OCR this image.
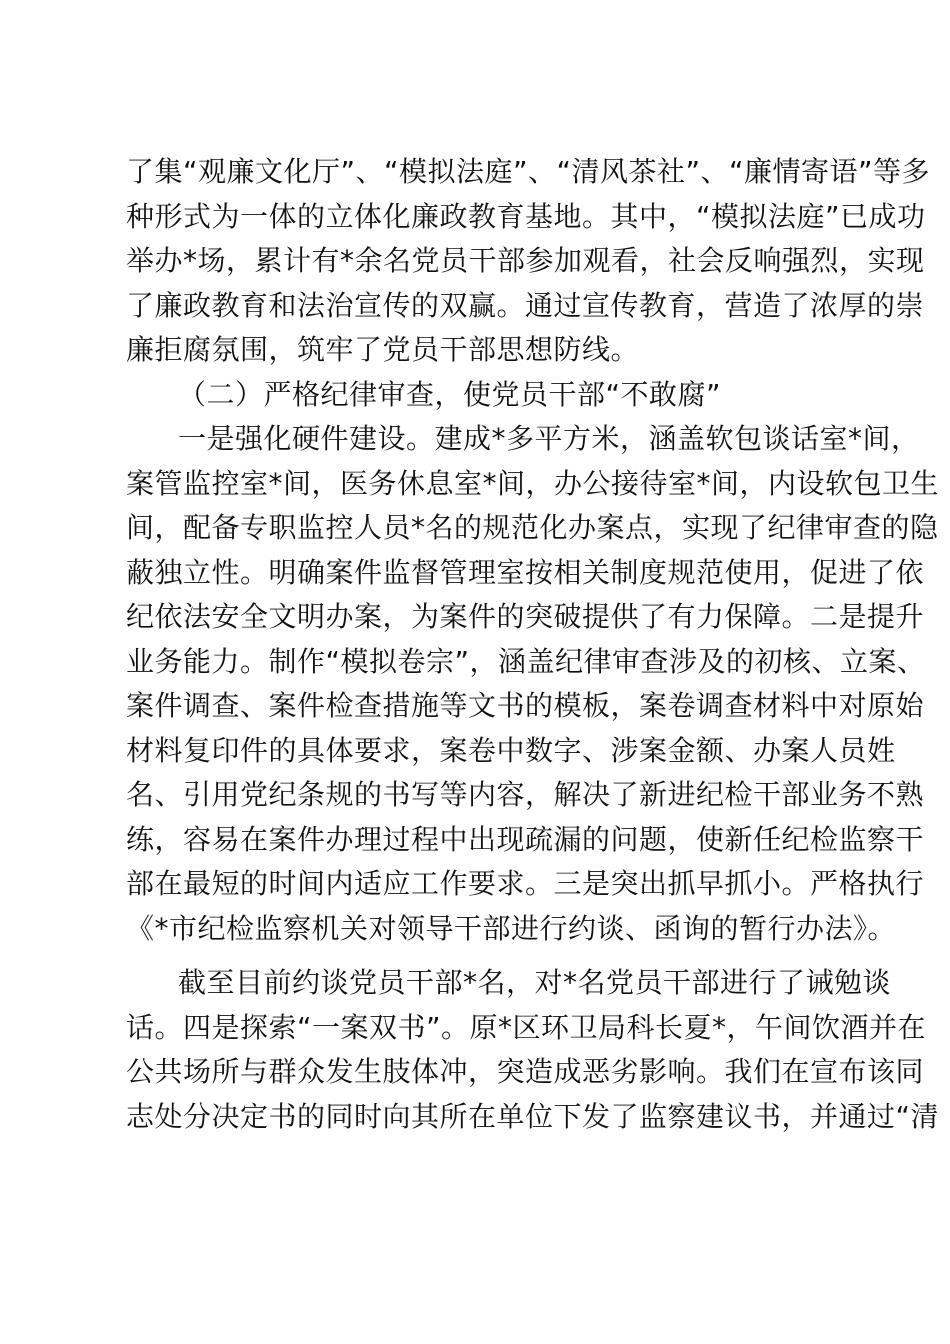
了集“观廉文化厅”、“模拟法庭”、“清风茶社”、“廉情寄语”等多
种形式为一体的立体化廉政教育基地。其中，“模拟法庭”已成功
举办*场，累计有*余名党员干部参加观看，社会反响强烈，实现
了廉政教育和法治宣传的双赢。通过宣传教育，营造了浓厚的崇
廉拒腐氛围，筑牢了党员干部思想防线。
（二）严格纪律审查，使党员干部“不敢腐”
一是强化硬件建设。建成*多平方米，涵盖软包谈话室*间，
案管监控室*间，医务休息室*间，办公接待室*间，内设软包卫生
间，配备专职监控人员*名的规范化办案点，实现了纪律审查的隐
蔽独立性。明确案件监督管理室按相关制度规范使用，促进了依
纪依法安全文明办案，为案件的突破提供了有力保障。二是提升
业务能力。制作“模拟卷宗”，涵盖纪律审查涉及的初核、立案、
案件调查、案件检查措施等文书的模板，案卷调查材料中对原始
材料复印件的具体要求，案卷中数字、涉案金额、办案人员姓
名、引用党纪条规的书写等内容，解决了新进纪检干部业务不熟
练，容易在案件办理过程中出现疏漏的问题，使新任纪检监察干
部在最短的时间内适应工作要求。三是突出抓早抓小。严格执行
《*市纪检监察机关对领导干部进行约谈、函询的暂行办法》。
截至目前约谈党员干部*名，对*名党员干部进行了诫勉谈
话。四是探索“一案双书”。原*区环卫局科长夏*，午间饮酒并在
公共场所与群众发生肢体冲，突造成恶劣影响。我们在宣布该同
志处分决定书的同时向其所在单位下发了监察建议书，并通过“清
